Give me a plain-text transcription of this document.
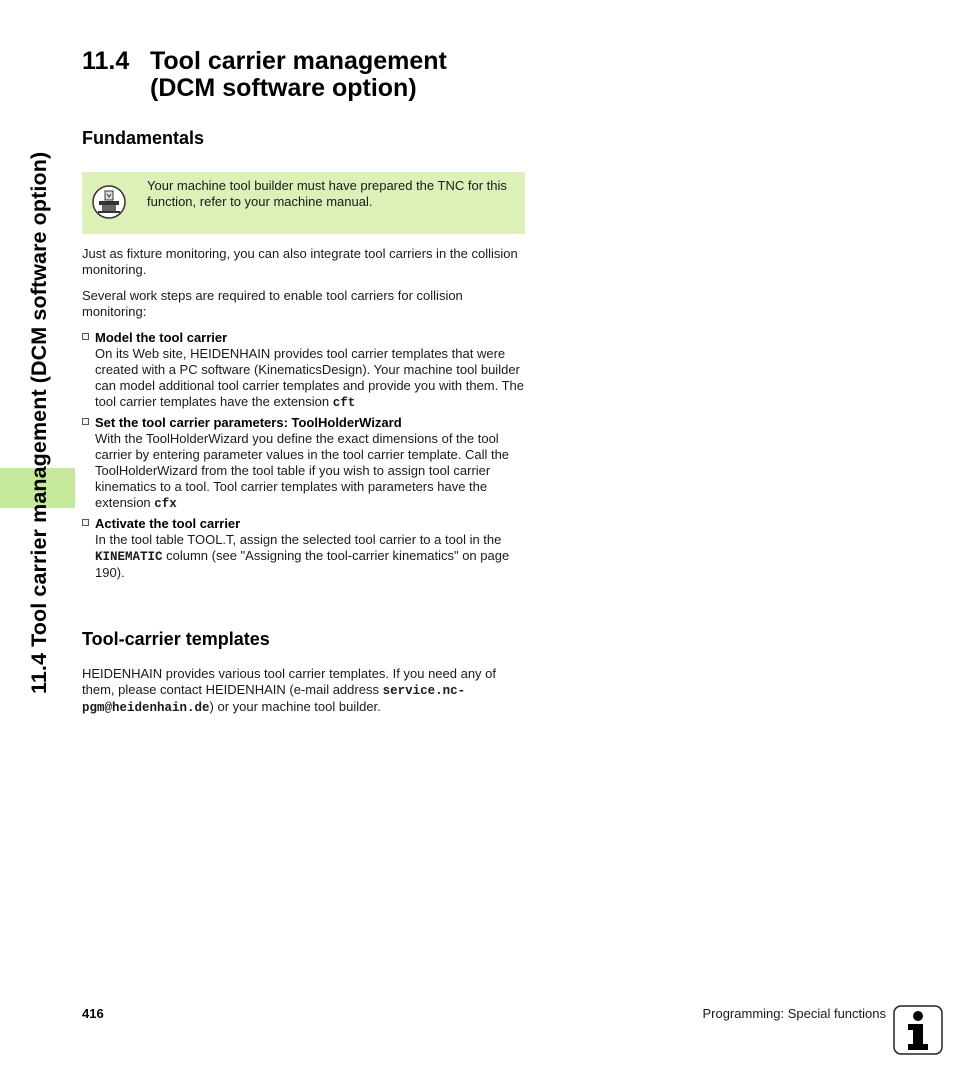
11.4 Tool carrier management (DCM software option)
11.4 Tool carrier management
(DCM software option)
Fundamentals
Your machine tool builder must have prepared the TNC for this function, refer to your machine manual.

Just as fixture monitoring, you can also integrate tool carriers in the collision monitoring.

Several work steps are required to enable tool carriers for collision monitoring:

Model the tool carrier
On its Web site, HEIDENHAIN provides tool carrier templates that were created with a PC software (KinematicsDesign). Your machine tool builder can model additional tool carrier templates and provide you with them. The tool carrier templates have the extension cft
Set the tool carrier parameters: ToolHolderWizard
With the ToolHolderWizard you define the exact dimensions of the tool carrier by entering parameter values in the tool carrier template. Call the ToolHolderWizard from the tool table if you wish to assign tool carrier kinematics to a tool. Tool carrier templates with parameters have the extension cfx
Activate the tool carrier
In the tool table TOOL.T, assign the selected tool carrier to a tool in the KINEMATIC column (see "Assigning the tool-carrier kinematics" on page 190).
Tool-carrier templates

HEIDENHAIN provides various tool carrier templates. If you need any of them, please contact HEIDENHAIN (e-mail address service.nc-
pgm@heidenhain.de) or your machine tool builder.

416	Programming: Special functions
